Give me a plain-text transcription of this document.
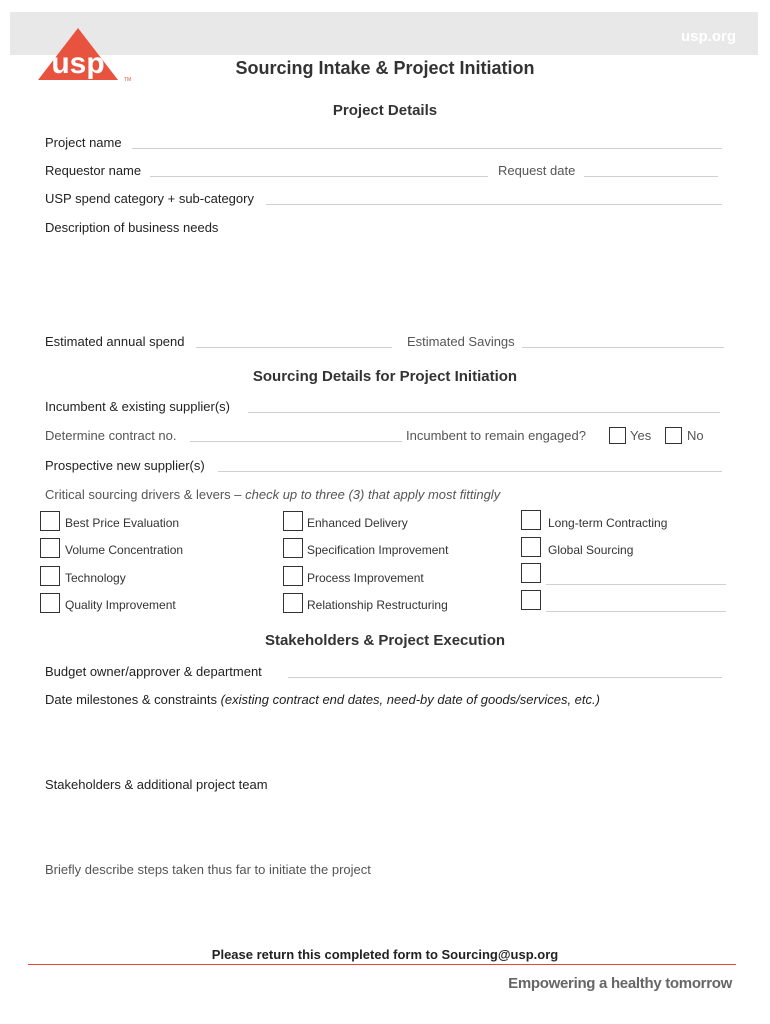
usp.org
usp	TM
Sourcing Intake & Project Initiation
Project Details
Project name
Requestor name	Request date
USP spend category + sub-category
Description of business needs
Estimated annual spend	Estimated Savings
Sourcing Details for Project Initiation
Incumbent & existing supplier(s)
Determine contract no.	Incumbent to remain engaged?	Yes	No
Prospective new supplier(s)
Critical sourcing drivers & levers – check up to three (3) that apply most fittingly
Best Price Evaluation
Volume Concentration
Technology
Quality Improvement
Enhanced Delivery
Specification Improvement
Process Improvement
Relationship Restructuring
Long-term Contracting
Global Sourcing
Stakeholders & Project Execution
Budget owner/approver & department
Date milestones & constraints (existing contract end dates, need-by date of goods/services, etc.)
Stakeholders & additional project team
Briefly describe steps taken thus far to initiate the project
Please return this completed form to Sourcing@usp.org
Empowering a healthy tomorrow
